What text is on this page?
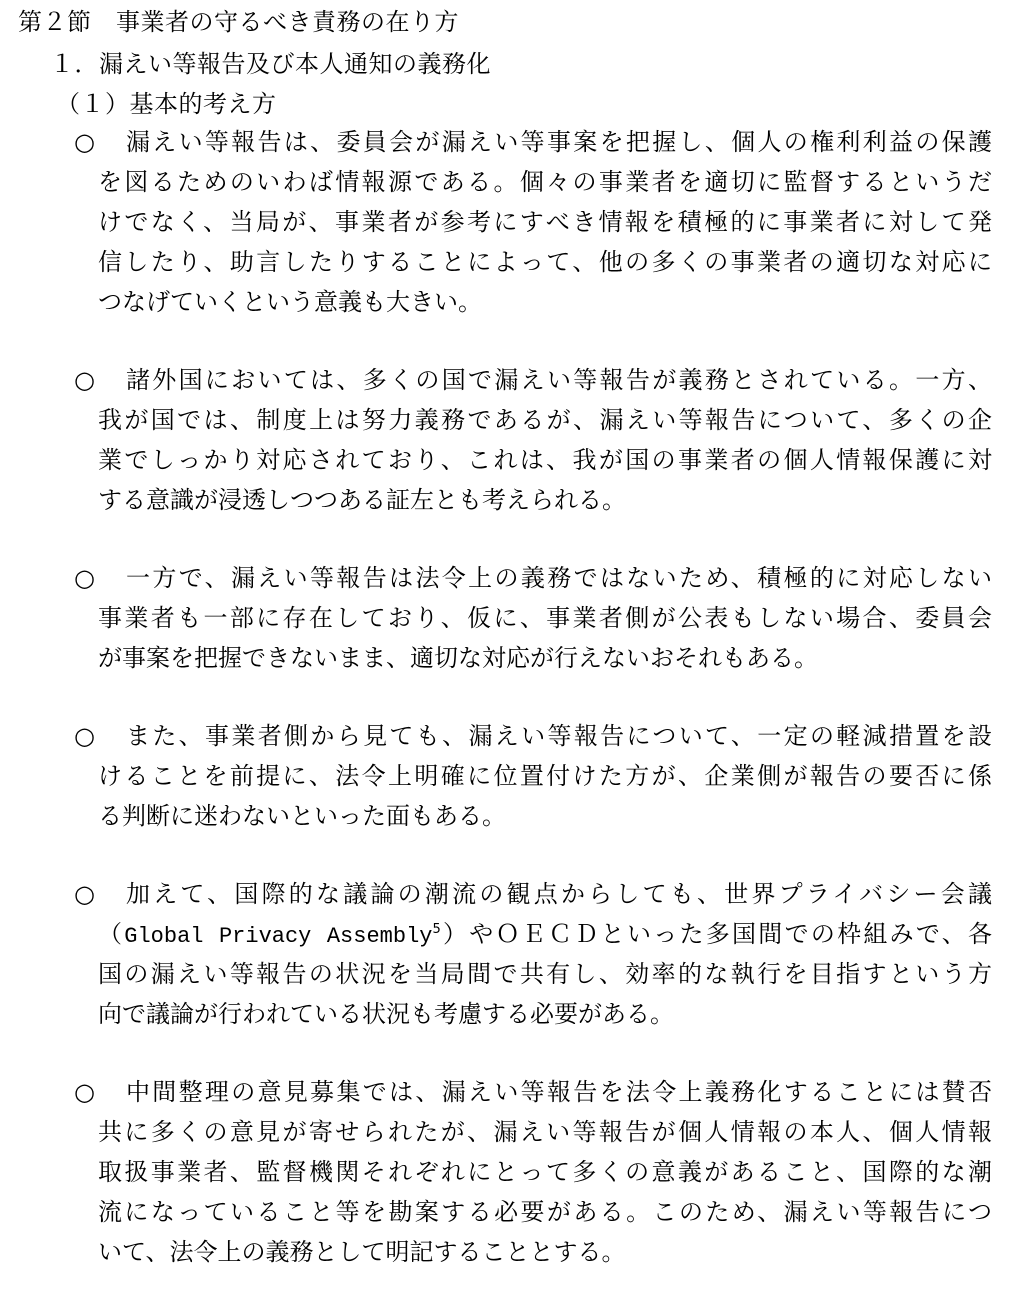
第２節　事業者の守るべき責務の在り方
１．漏えい等報告及び本人通知の義務化
（１）基本的考え方
○ 漏えい等報告は、委員会が漏えい等事案を把握し、個人の権利利益の保護
を図るためのいわば情報源である。個々の事業者を適切に監督するというだ
けでなく、当局が、事業者が参考にすべき情報を積極的に事業者に対して発
信したり、助言したりすることによって、他の多くの事業者の適切な対応に
つなげていくという意義も大きい。
○ 諸外国においては、多くの国で漏えい等報告が義務とされている。一方、
我が国では、制度上は努力義務であるが、漏えい等報告について、多くの企
業でしっかり対応されており、これは、我が国の事業者の個人情報保護に対
する意識が浸透しつつある証左とも考えられる。
○ 一方で、漏えい等報告は法令上の義務ではないため、積極的に対応しない
事業者も一部に存在しており、仮に、事業者側が公表もしない場合、委員会
が事案を把握できないまま、適切な対応が行えないおそれもある。
○ また、事業者側から見ても、漏えい等報告について、一定の軽減措置を設
けることを前提に、法令上明確に位置付けた方が、企業側が報告の要否に係
る判断に迷わないといった面もある。
○ 加えて、国際的な議論の潮流の観点からしても、世界プライバシー会議
（Global Privacy Assembly$^5$）やＯＥＣＤといった多国間での枠組みで、各
国の漏えい等報告の状況を当局間で共有し、効率的な執行を目指すという方
向で議論が行われている状況も考慮する必要がある。
○ 中間整理の意見募集では、漏えい等報告を法令上義務化することには賛否
共に多くの意見が寄せられたが、漏えい等報告が個人情報の本人、個人情報
取扱事業者、監督機関それぞれにとって多くの意義があること、国際的な潮
流になっていること等を勘案する必要がある。このため、漏えい等報告につ
いて、法令上の義務として明記することとする。
